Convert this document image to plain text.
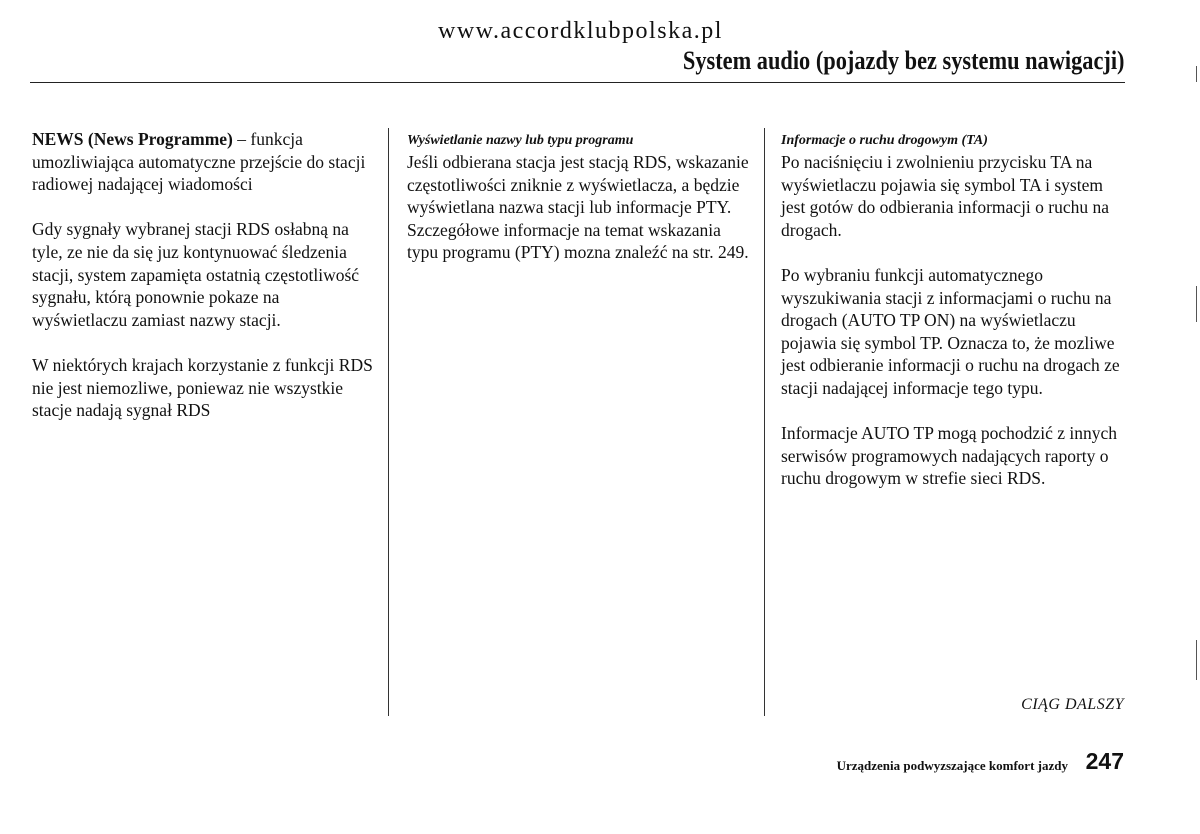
www.accordklubpolska.pl
System audio (pojazdy bez systemu nawigacji)

NEWS (News Programme) – funkcja umozliwiająca automatyczne przejście do stacji radiowej nadającej wiadomości

Gdy sygnały wybranej stacji RDS osłabną na tyle, ze nie da się juz kontynuować śledzenia stacji, system zapamięta ostatnią częstotliwość sygnału, którą ponownie pokaze na wyświetlaczu zamiast nazwy stacji.

W niektórych krajach korzystanie z funkcji RDS nie jest niemozliwe, poniewaz nie wszystkie stacje nadają sygnał RDS

Wyświetlanie nazwy lub typu programu

Jeśli odbierana stacja jest stacją RDS, wskazanie częstotliwości zniknie z wyświetlacza, a będzie wyświetlana nazwa stacji lub informacje PTY. Szczegółowe informacje na temat wskazania typu programu (PTY) mozna znaleźć na str. 249.

Informacje o ruchu drogowym (TA)

Po naciśnięciu i zwolnieniu przycisku TA na wyświetlaczu pojawia się symbol TA i system jest gotów do odbierania informacji o ruchu na drogach.

Po wybraniu funkcji automatycznego wyszukiwania stacji z informacjami o ruchu na drogach (AUTO TP ON) na wyświetlaczu pojawia się symbol TP. Oznacza to, że mozliwe jest odbieranie informacji o ruchu na drogach ze stacji nadającej informacje tego typu.

Informacje AUTO TP mogą pochodzić z innych serwisów programowych nadających raporty o ruchu drogowym w strefie sieci RDS.

CIĄG DALSZY
Urządzenia podwyzszające komfort jazdy 247
